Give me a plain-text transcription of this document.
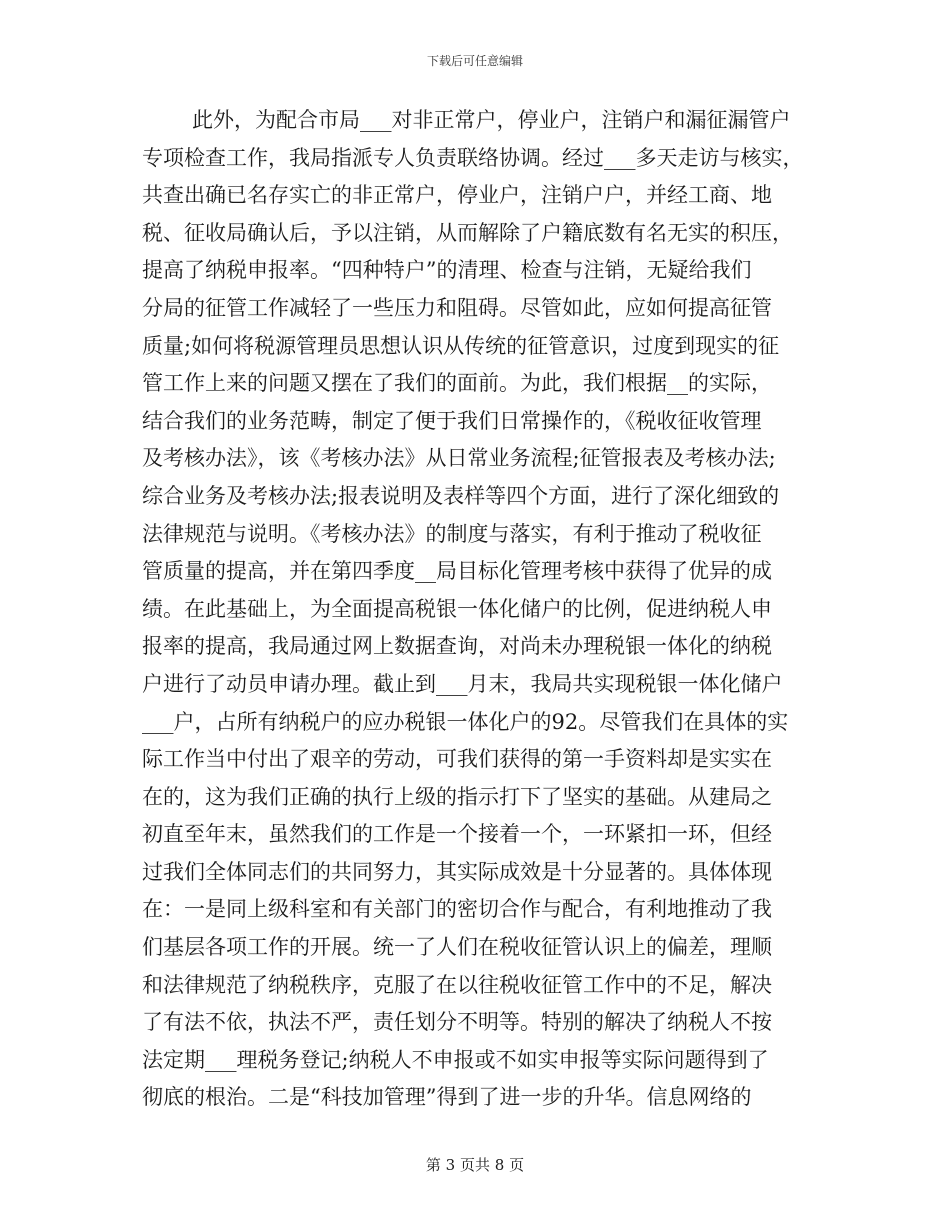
下载后可任意编辑
此外，为配合市局___对非正常户，停业户，注销户和漏征漏管户
专项检查工作，我局指派专人负责联络协调。经过___多天走访与核实，
共查出确已名存实亡的非正常户，停业户，注销户户，并经工商、地
税、征收局确认后，予以注销，从而解除了户籍底数有名无实的积压，
提高了纳税申报率。“四种特户”的清理、检查与注销，无疑给我们
分局的征管工作减轻了一些压力和阻碍。尽管如此，应如何提高征管
质量;如何将税源管理员思想认识从传统的征管意识，过度到现实的征
管工作上来的问题又摆在了我们的面前。为此，我们根据__的实际，
结合我们的业务范畴，制定了便于我们日常操作的，《税收征收管理
及考核办法》，该《考核办法》从日常业务流程;征管报表及考核办法;
综合业务及考核办法;报表说明及表样等四个方面，进行了深化细致的
法律规范与说明。《考核办法》的制度与落实，有利于推动了税收征
管质量的提高，并在第四季度__局目标化管理考核中获得了优异的成
绩。在此基础上，为全面提高税银一体化储户的比例，促进纳税人申
报率的提高，我局通过网上数据查询，对尚未办理税银一体化的纳税
户进行了动员申请办理。截止到___月末，我局共实现税银一体化储户
___户，占所有纳税户的应办税银一体化户的92。尽管我们在具体的实
际工作当中付出了艰辛的劳动，可我们获得的第一手资料却是实实在
在的，这为我们正确的执行上级的指示打下了坚实的基础。从建局之
初直至年末，虽然我们的工作是一个接着一个，一环紧扣一环，但经
过我们全体同志们的共同努力，其实际成效是十分显著的。具体体现
在：一是同上级科室和有关部门的密切合作与配合，有利地推动了我
们基层各项工作的开展。统一了人们在税收征管认识上的偏差，理顺
和法律规范了纳税秩序，克服了在以往税收征管工作中的不足，解决
了有法不依，执法不严，责任划分不明等。特别的解决了纳税人不按
法定期___理税务登记;纳税人不申报或不如实申报等实际问题得到了
彻底的根治。二是“科技加管理”得到了进一步的升华。信息网络的
第 3 页共 8 页
